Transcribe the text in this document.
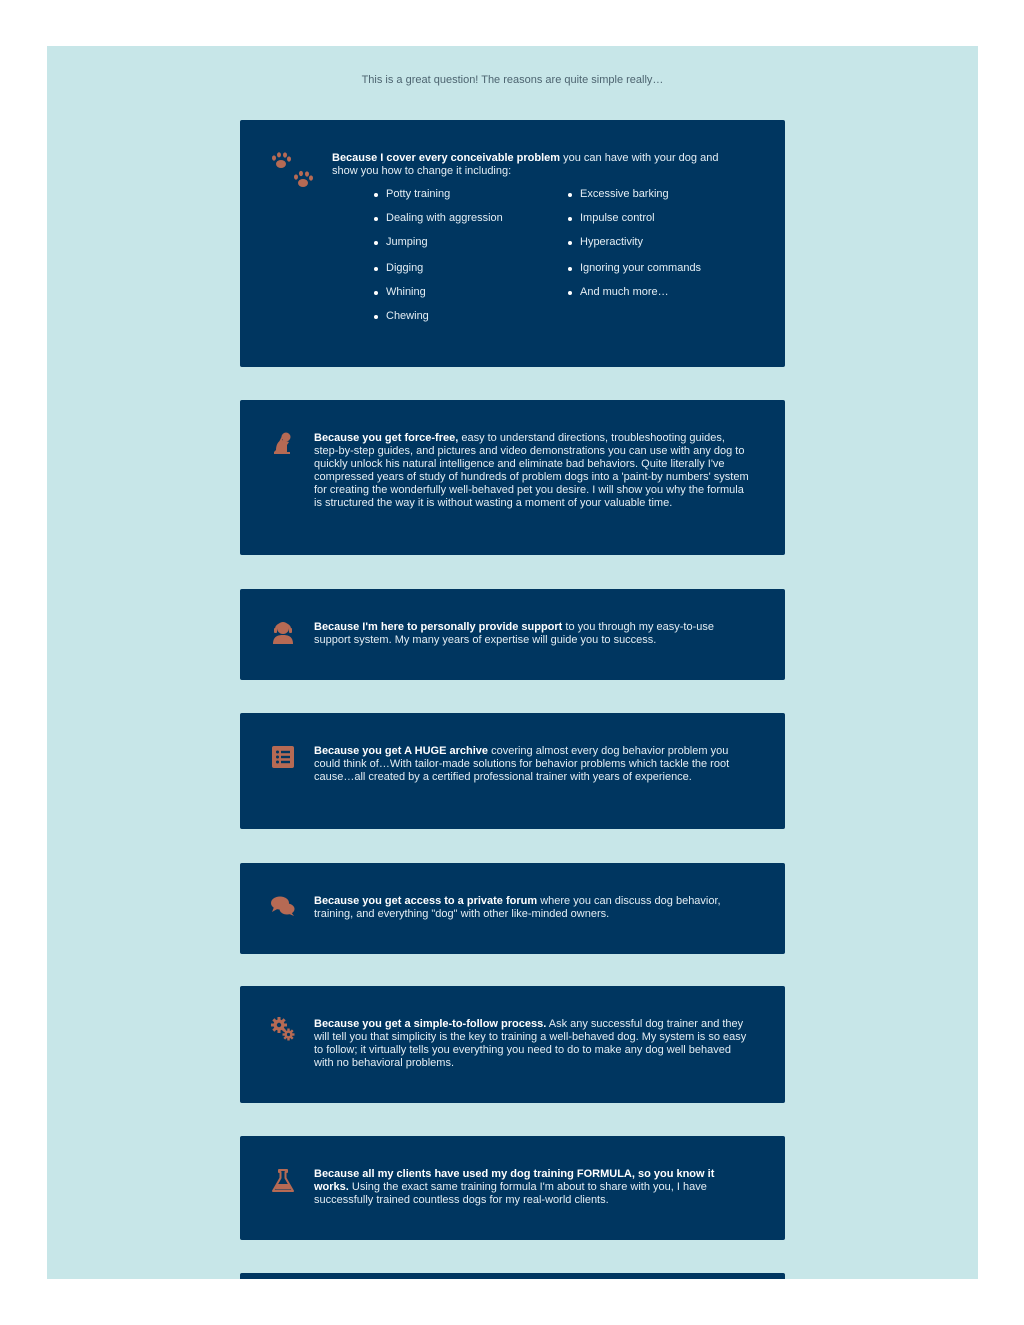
This is a great question! The reasons are quite simple really…
Because I cover every conceivable problem you can have with your dog and show you how to change it including:
Potty training
Dealing with aggression
Jumping
Digging
Whining
Chewing
Excessive barking
Impulse control
Hyperactivity
Ignoring your commands
And much more…
Because you get force-free, easy to understand directions, troubleshooting guides, step-by-step guides, and pictures and video demonstrations you can use with any dog to quickly unlock his natural intelligence and eliminate bad behaviors. Quite literally I've compressed years of study of hundreds of problem dogs into a 'paint-by numbers' system for creating the wonderfully well-behaved pet you desire. I will show you why the formula is structured the way it is without wasting a moment of your valuable time.
Because I'm here to personally provide support to you through my easy-to-use support system. My many years of expertise will guide you to success.
Because you get A HUGE archive covering almost every dog behavior problem you could think of…With tailor-made solutions for behavior problems which tackle the root cause…all created by a certified professional trainer with years of experience.
Because you get access to a private forum where you can discuss dog behavior, training, and everything "dog" with other like-minded owners.
Because you get a simple-to-follow process. Ask any successful dog trainer and they will tell you that simplicity is the key to training a well-behaved dog. My system is so easy to follow; it virtually tells you everything you need to do to make any dog well behaved with no behavioral problems.
Because all my clients have used my dog training FORMULA, so you know it works. Using the exact same training formula I'm about to share with you, I have successfully trained countless dogs for my real-world clients.
